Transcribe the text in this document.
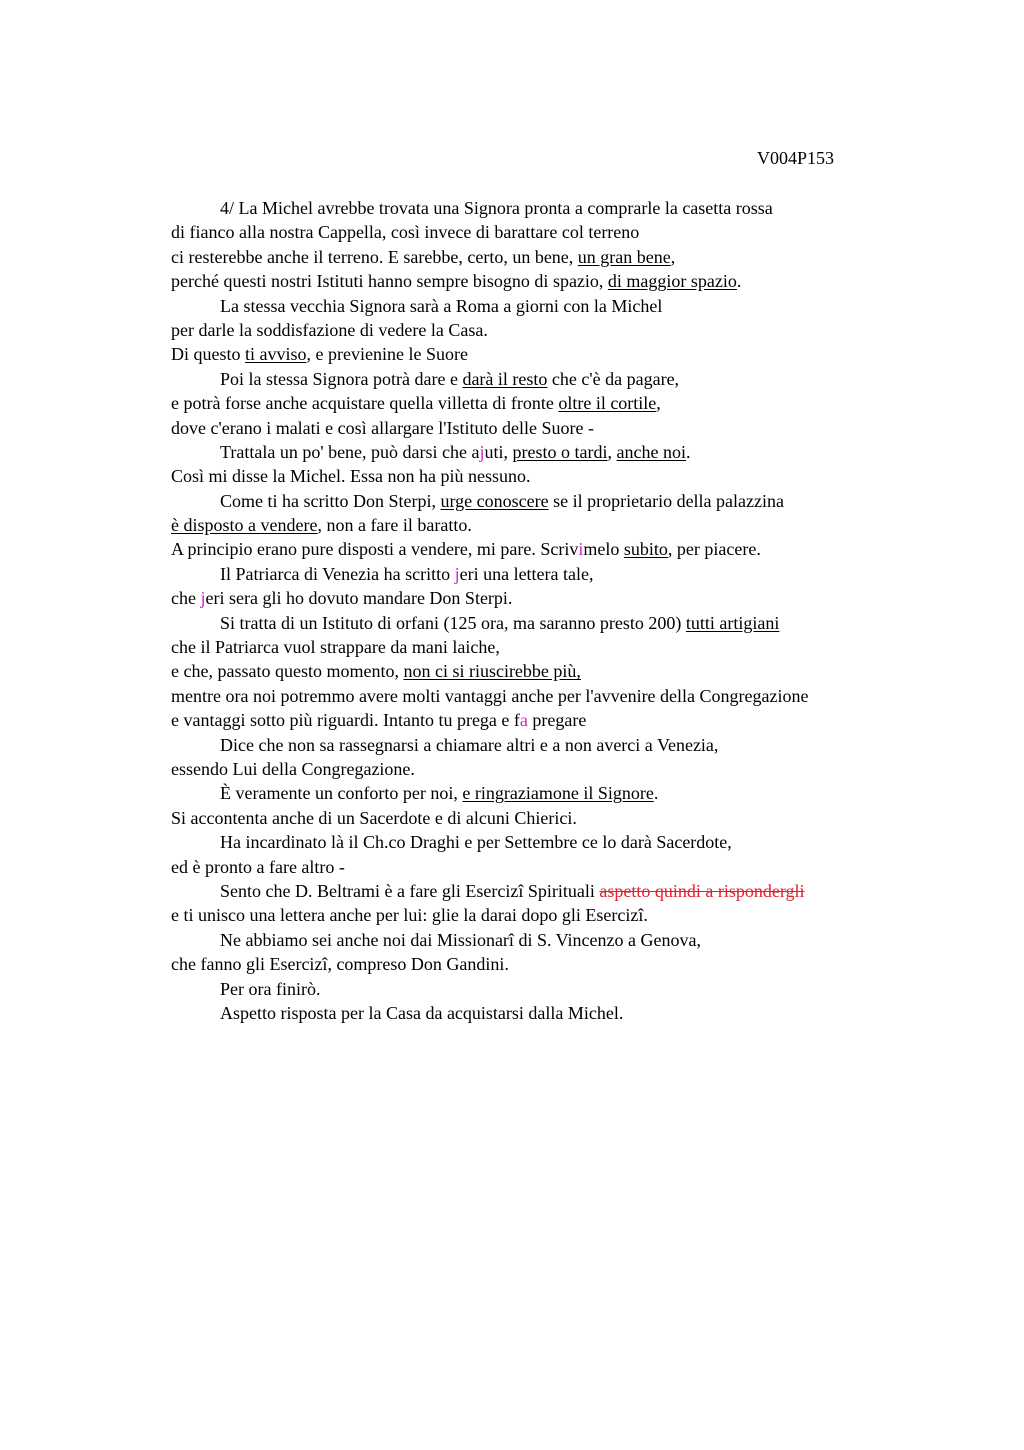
V004P153
4/ La Michel avrebbe trovata una Signora pronta a comprarle la casetta rossa
di fianco alla nostra Cappella, così invece di barattare col terreno
ci resterebbe anche il terreno. E sarebbe, certo, un bene, un gran bene,
perché questi nostri Istituti hanno sempre bisogno di spazio, di maggior spazio.
La stessa vecchia Signora sarà a Roma a giorni con la Michel
per darle la soddisfazione di vedere la Casa.
Di questo ti avviso, e previenine le Suore
Poi la stessa Signora potrà dare e darà il resto che c'è da pagare,
e potrà forse anche acquistare quella villetta di fronte oltre il cortile,
dove c'erano i malati e così allargare l'Istituto delle Suore -
Trattala un po' bene, può darsi che ajuti, presto o tardi, anche noi.
Così mi disse la Michel. Essa non ha più nessuno.
Come ti ha scritto Don Sterpi, urge conoscere se il proprietario della palazzina
è disposto a vendere, non a fare il baratto.
A principio erano pure disposti a vendere, mi pare. Scrivimelo subito, per piacere.
Il Patriarca di Venezia ha scritto jeri una lettera tale,
che jeri sera gli ho dovuto mandare Don Sterpi.
Si tratta di un Istituto di orfani (125 ora, ma saranno presto 200) tutti artigiani
che il Patriarca vuol strappare da mani laiche,
e che, passato questo momento, non ci si riuscirebbe più,
mentre ora noi potremmo avere molti vantaggi anche per l'avvenire della Congregazione
e vantaggi sotto più riguardi. Intanto tu prega e fa pregare
Dice che non sa rassegnarsi a chiamare altri e a non averci a Venezia,
essendo Lui della Congregazione.
È veramente un conforto per noi, e ringraziamone il Signore.
Si accontenta anche di un Sacerdote e di alcuni Chierici.
Ha incardinato là il Ch.co Draghi e per Settembre ce lo darà Sacerdote,
ed è pronto a fare altro -
Sento che D. Beltrami è a fare gli Esercizi Spirituali aspetto quindi a rispondergli
e ti unisco una lettera anche per lui: glie la darai dopo gli Esercizi.
Ne abbiamo sei anche noi dai Missionari di S. Vincenzo a Genova,
che fanno gli Esercizi, compreso Don Gandini.
Per ora finirò.
Aspetto risposta per la Casa da acquistarsi dalla Michel.
